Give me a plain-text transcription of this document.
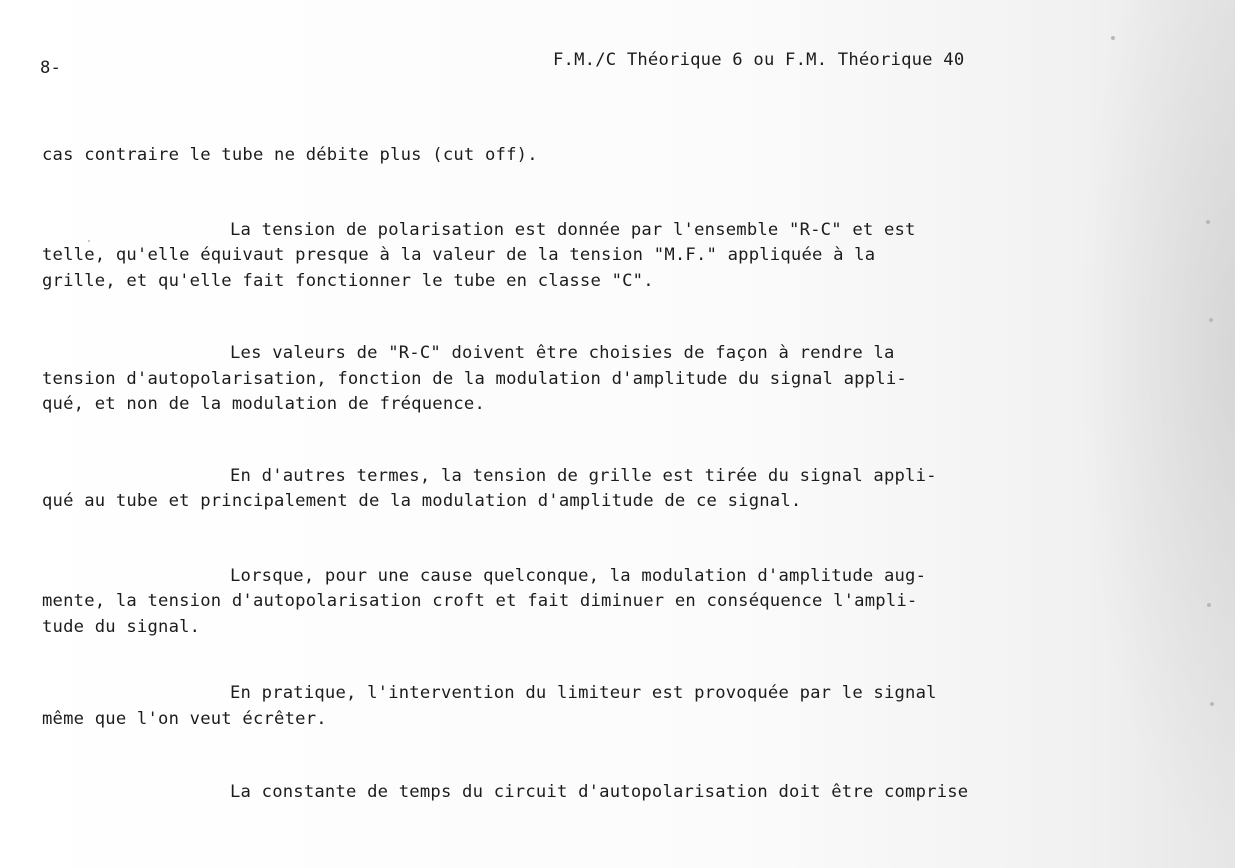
8-	F.M./C Théorique 6 ou F.M. Théorique 40

cas contraire le tube ne débite plus (cut off).

La tension de polarisation est donnée par l'ensemble "R-C" et est
telle, qu'elle équivaut presque à la valeur de la tension "M.F." appliquée à la
grille, et qu'elle fait fonctionner le tube en classe "C".

Les valeurs de "R-C" doivent être choisies de façon à rendre la
tension d'autopolarisation, fonction de la modulation d'amplitude du signal appli-
qué, et non de la modulation de fréquence.

En d'autres termes, la tension de grille est tirée du signal appli-
qué au tube et principalement de la modulation d'amplitude de ce signal.

Lorsque, pour une cause quelconque, la modulation d'amplitude aug-
mente, la tension d'autopolarisation croft et fait diminuer en conséquence l'ampli-
tude du signal.

En pratique, l'intervention du limiteur est provoquée par le signal
même que l'on veut écrêter.

La constante de temps du circuit d'autopolarisation doit être comprise
